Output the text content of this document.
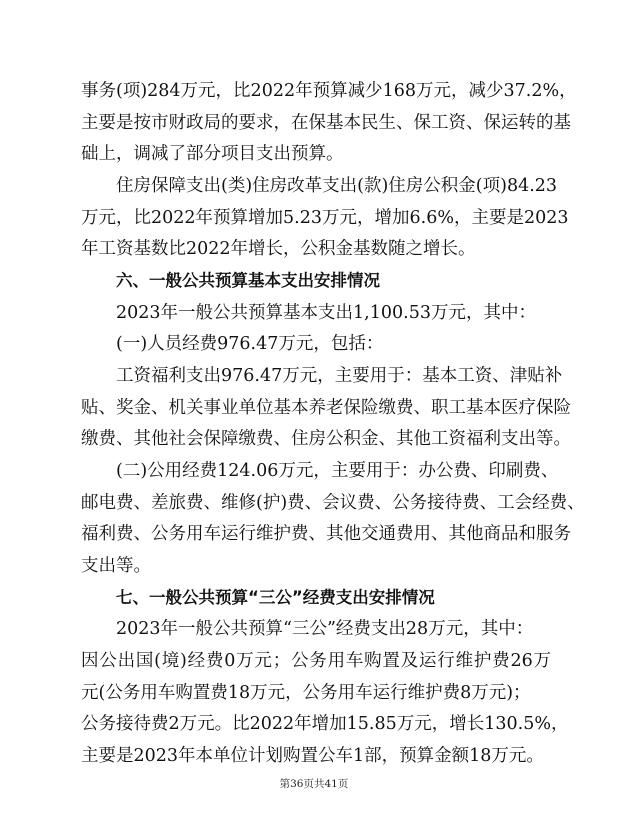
事务(项)284万元，比2022年预算减少168万元，减少37.2%，
主要是按市财政局的要求，在保基本民生、保工资、保运转的基
础上，调减了部分项目支出预算。
住房保障支出(类)住房改革支出(款)住房公积金(项)84.23
万元，比2022年预算增加5.23万元，增加6.6%，主要是2023
年工资基数比2022年增长，公积金基数随之增长。
六、一般公共预算基本支出安排情况
2023年一般公共预算基本支出1,100.53万元，其中：
(一)人员经费976.47万元，包括：
工资福利支出976.47万元，主要用于：基本工资、津贴补
贴、奖金、机关事业单位基本养老保险缴费、职工基本医疗保险
缴费、其他社会保障缴费、住房公积金、其他工资福利支出等。
(二)公用经费124.06万元，主要用于：办公费、印刷费、
邮电费、差旅费、维修(护)费、会议费、公务接待费、工会经费、
福利费、公务用车运行维护费、其他交通费用、其他商品和服务
支出等。
七、一般公共预算“三公”经费支出安排情况
2023年一般公共预算“三公”经费支出28万元，其中：
因公出国(境)经费0万元；公务用车购置及运行维护费26万
元(公务用车购置费18万元，公务用车运行维护费8万元)；
公务接待费2万元。比2022年增加15.85万元，增长130.5%，
主要是2023年本单位计划购置公车1部，预算金额18万元。
第36页共41页
